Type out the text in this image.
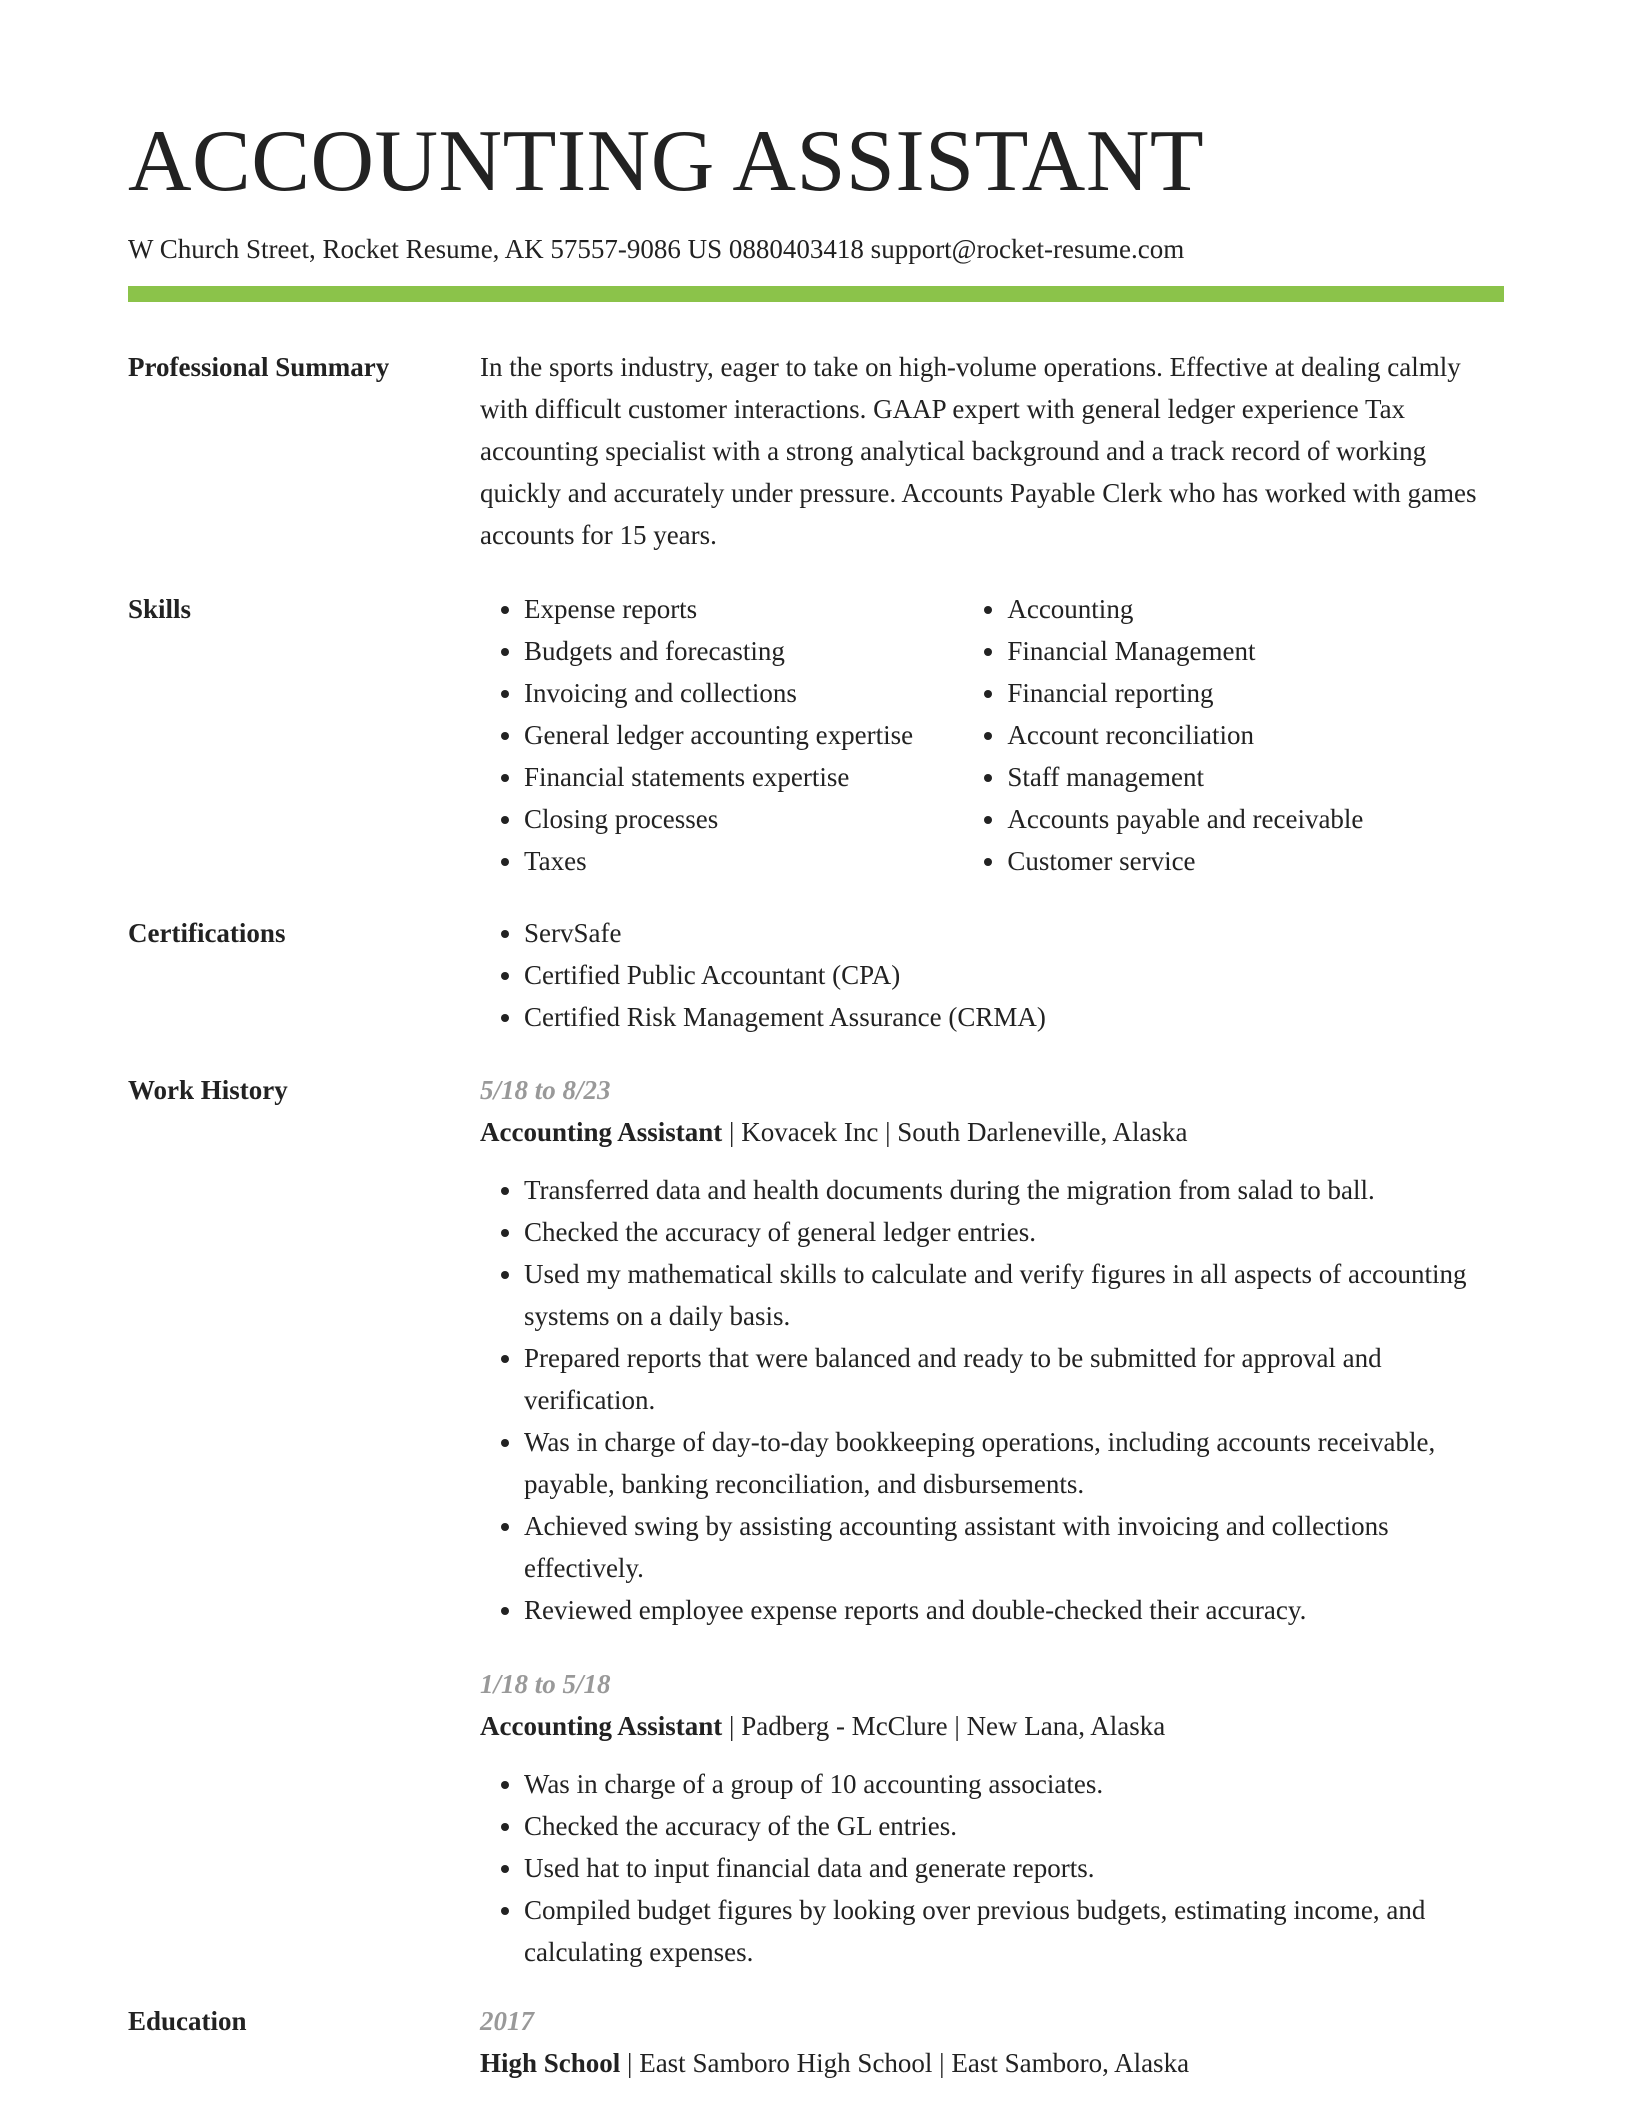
ACCOUNTING ASSISTANT
W Church Street, Rocket Resume, AK 57557-9086 US 0880403418 support@rocket-resume.com
Professional Summary	In the sports industry, eager to take on high-volume operations. Effective at dealing calmly with difficult customer interactions. GAAP expert with general ledger experience Tax accounting specialist with a strong analytical background and a track record of working quickly and accurately under pressure. Accounts Payable Clerk who has worked with games accounts for 15 years.

Skills	• Expense reports
• Budgets and forecasting
• Invoicing and collections
• General ledger accounting expertise
• Financial statements expertise
• Closing processes
• Taxes
• Accounting
• Financial Management
• Financial reporting
• Account reconciliation
• Staff management
• Accounts payable and receivable
• Customer service
Certifications	• ServSafe
• Certified Public Accountant (CPA)
• Certified Risk Management Assurance (CRMA)
Work History	5/18 to 8/23
Accounting Assistant | Kovacek Inc | South Darleneville, Alaska
• Transferred data and health documents during the migration from salad to ball.
• Checked the accuracy of general ledger entries.
• Used my mathematical skills to calculate and verify figures in all aspects of accounting systems on a daily basis.
• Prepared reports that were balanced and ready to be submitted for approval and verification.
• Was in charge of day-to-day bookkeeping operations, including accounts receivable, payable, banking reconciliation, and disbursements.
• Achieved swing by assisting accounting assistant with invoicing and collections effectively.
• Reviewed employee expense reports and double-checked their accuracy.
1/18 to 5/18
Accounting Assistant | Padberg - McClure | New Lana, Alaska
• Was in charge of a group of 10 accounting associates.
• Checked the accuracy of the GL entries.
• Used hat to input financial data and generate reports.
• Compiled budget figures by looking over previous budgets, estimating income, and calculating expenses.
Education	2017
High School | East Samboro High School | East Samboro, Alaska
